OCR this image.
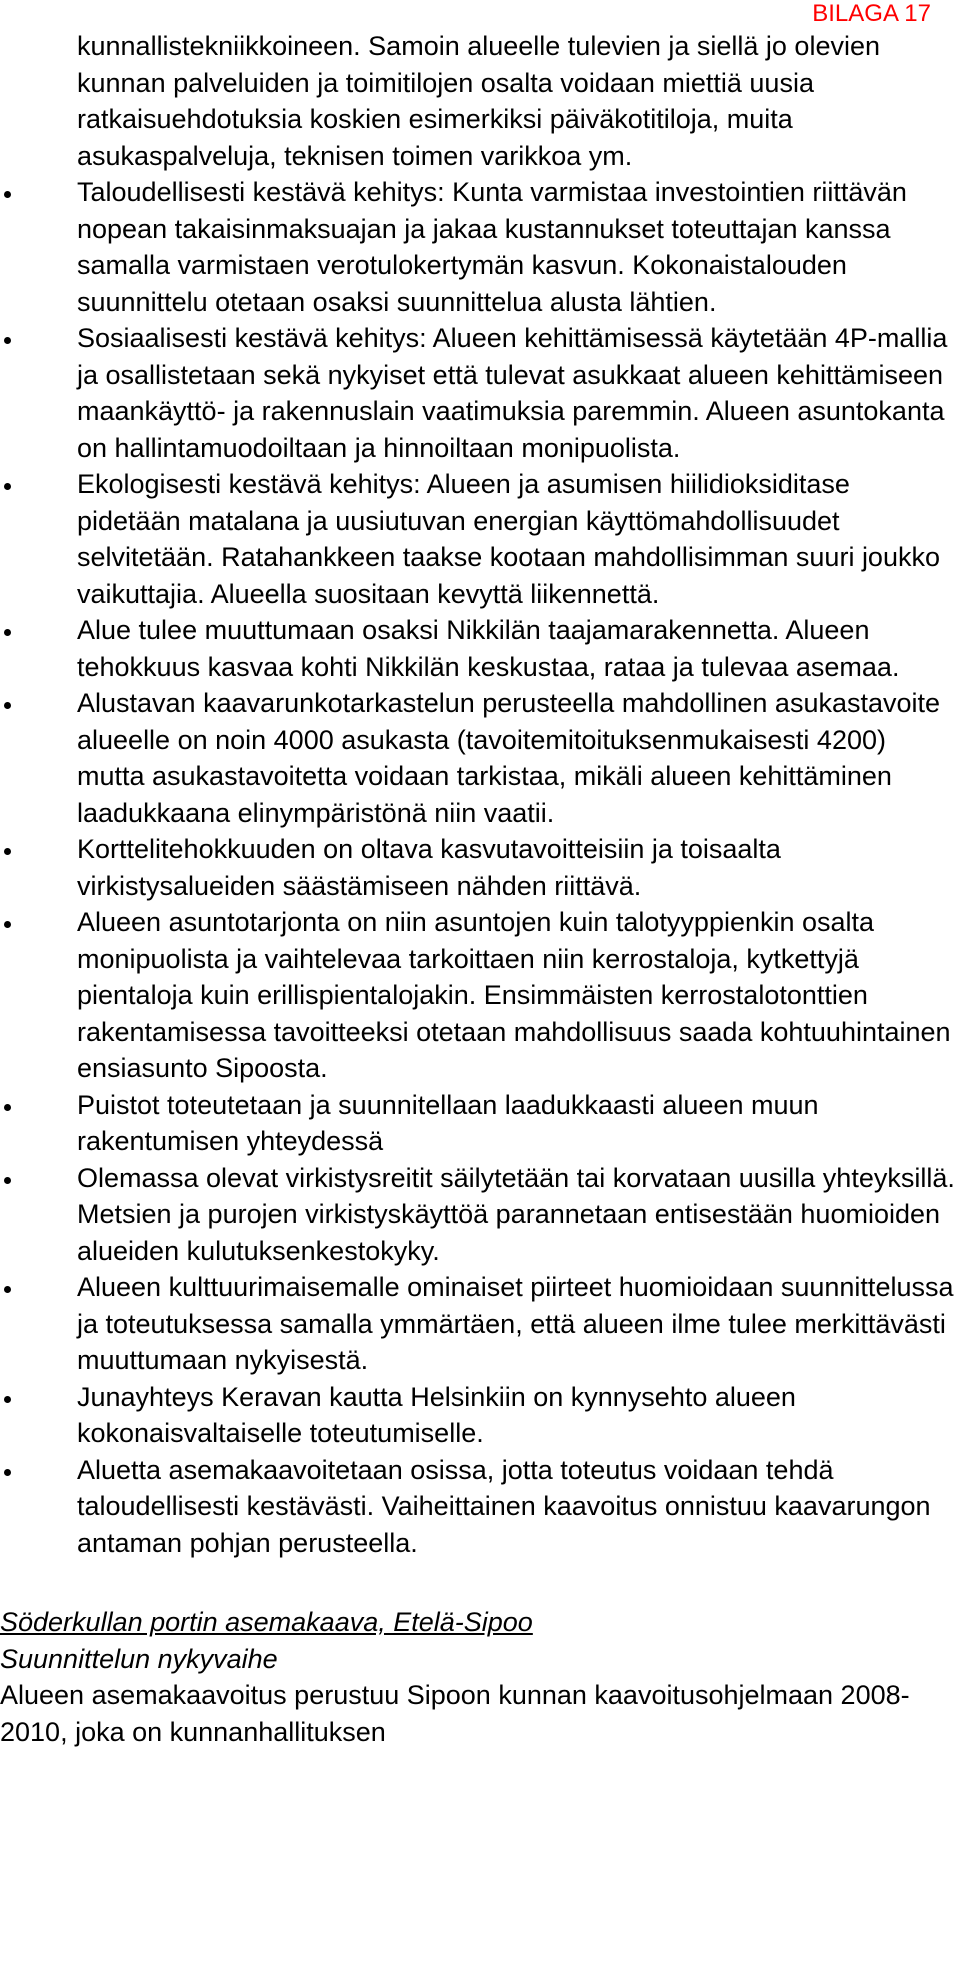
BILAGA 17
kunnallistekniikkoineen. Samoin alueelle tulevien ja siellä jo olevien kunnan palveluiden ja toimitilojen osalta voidaan miettiä uusia ratkaisuehdotuksia koskien esimerkiksi päiväkotitiloja, muita asukaspalveluja, teknisen toimen varikkoa ym.
Taloudellisesti kestävä kehitys: Kunta varmistaa investointien riittävän nopean takaisinmaksuajan ja jakaa kustannukset toteuttajan kanssa samalla varmistaen verotulokertymän kasvun. Kokonaistalouden suunnittelu otetaan osaksi suunnittelua alusta lähtien.
Sosiaalisesti kestävä kehitys: Alueen kehittämisessä käytetään 4P-mallia ja osallistetaan sekä nykyiset että tulevat asukkaat alueen kehittämiseen maankäyttö- ja rakennuslain vaatimuksia paremmin. Alueen asuntokanta on hallintamuodoiltaan ja hinnoiltaan monipuolista.
Ekologisesti kestävä kehitys: Alueen ja asumisen hiilidioksiditase pidetään matalana ja uusiutuvan energian käyttömahdollisuudet selvitetään. Ratahankkeen taakse kootaan mahdollisimman suuri joukko vaikuttajia. Alueella suositaan kevyttä liikennettä.
Alue tulee muuttumaan osaksi Nikkilän taajamarakennetta. Alueen tehokkuus kasvaa kohti Nikkilän keskustaa, rataa ja tulevaa asemaa.
Alustavan kaavarunkotarkastelun perusteella mahdollinen asukastavoite alueelle on noin 4000 asukasta (tavoitemitoituksenmukaisesti 4200) mutta asukastavoitetta voidaan tarkistaa, mikäli alueen kehittäminen laadukkaana elinympäristönä niin vaatii.
Korttelitehokkuuden on oltava kasvutavoitteisiin ja toisaalta virkistysalueiden säästämiseen nähden riittävä.
Alueen asuntotarjonta on niin asuntojen kuin talotyyppienkin osalta monipuolista ja vaihtelevaa tarkoittaen niin kerrostaloja, kytkettyjä pientaloja kuin erillispientalojakin. Ensimmäisten kerrostalotonttien rakentamisessa tavoitteeksi otetaan mahdollisuus saada kohtuuhintainen ensiasunto Sipoosta.
Puistot toteutetaan ja suunnitellaan laadukkaasti alueen muun rakentumisen yhteydessä
Olemassa olevat virkistysreitit säilytetään tai korvataan uusilla yhteyksillä. Metsien ja purojen virkistyskäyttöä parannetaan entisestään huomioiden alueiden kulutuksenkestokyky.
Alueen kulttuurimaisemalle ominaiset piirteet huomioidaan suunnittelussa ja toteutuksessa samalla ymmärtäen, että alueen ilme tulee merkittävästi muuttumaan nykyisestä.
Junayhteys Keravan kautta Helsinkiin on kynnysehto alueen kokonaisvaltaiselle toteutumiselle.
Aluetta asemakaavoitetaan osissa, jotta toteutus voidaan tehdä taloudellisesti kestävästi. Vaiheittainen kaavoitus onnistuu kaavarungon antaman pohjan perusteella.
Söderkullan portin asemakaava, Etelä-Sipoo
Suunnittelun nykyvaihe
Alueen asemakaavoitus perustuu Sipoon kunnan kaavoitusohjelmaan 2008-2010, joka on kunnanhallituksen
